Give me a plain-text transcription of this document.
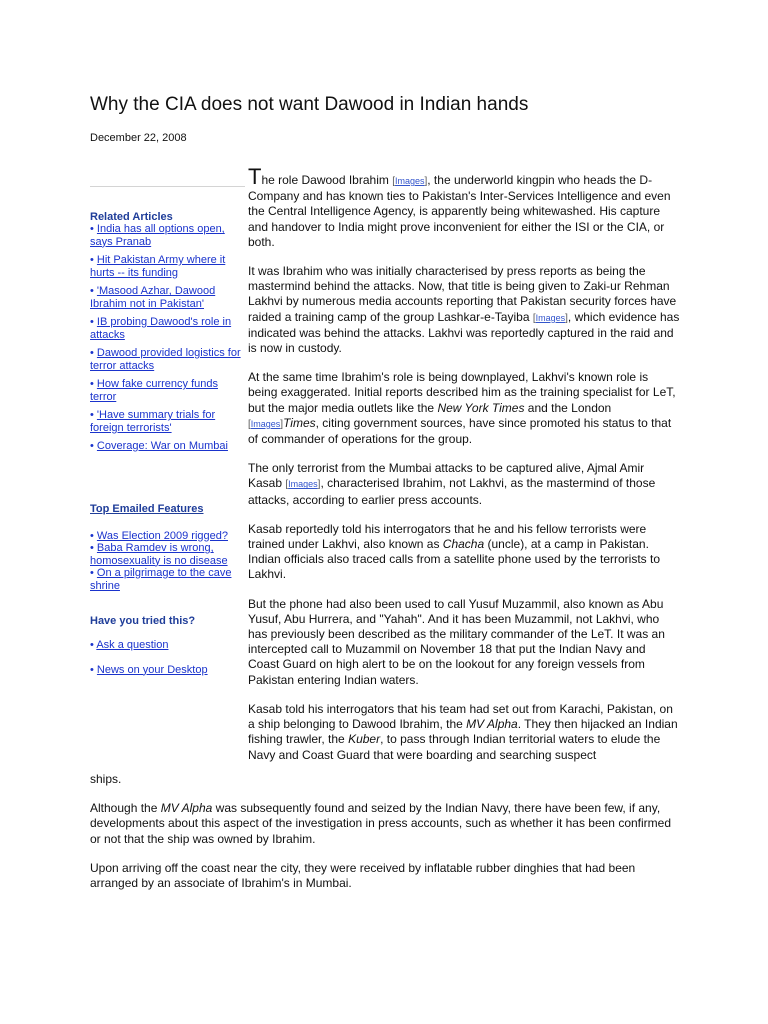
Why the CIA does not want Dawood in Indian hands
December 22, 2008
Related Articles
• India has all options open, says Pranab
• Hit Pakistan Army where it hurts -- its funding
• 'Masood Azhar, Dawood Ibrahim not in Pakistan'
• IB probing Dawood's role in attacks
• Dawood provided logistics for terror attacks
• How fake currency funds terror
• 'Have summary trials for foreign terrorists'
• Coverage: War on Mumbai
Top Emailed Features
• Was Election 2009 rigged?
• Baba Ramdev is wrong, homosexuality is no disease
• On a pilgrimage to the cave shrine
Have you tried this?
• Ask a question
• News on your Desktop

The role Dawood Ibrahim [Images], the underworld kingpin who heads the D-Company and has known ties to Pakistan's Inter-Services Intelligence and even the Central Intelligence Agency, is apparently being whitewashed. His capture and handover to India might prove inconvenient for either the ISI or the CIA, or both.

It was Ibrahim who was initially characterised by press reports as being the mastermind behind the attacks. Now, that title is being given to Zaki-ur Rehman Lakhvi by numerous media accounts reporting that Pakistan security forces have raided a training camp of the group Lashkar-e-Tayiba [Images], which evidence has indicated was behind the attacks. Lakhvi was reportedly captured in the raid and is now in custody.

At the same time Ibrahim's role is being downplayed, Lakhvi's known role is being exaggerated. Initial reports described him as the training specialist for LeT, but the major media outlets like the New York Times and the London [Images]Times, citing government sources, have since promoted his status to that of commander of operations for the group.

The only terrorist from the Mumbai attacks to be captured alive, Ajmal Amir Kasab [Images], characterised Ibrahim, not Lakhvi, as the mastermind of those attacks, according to earlier press accounts.

Kasab reportedly told his interrogators that he and his fellow terrorists were trained under Lakhvi, also known as Chacha (uncle), at a camp in Pakistan. Indian officials also traced calls from a satellite phone used by the terrorists to Lakhvi.

But the phone had also been used to call Yusuf Muzammil, also known as Abu Yusuf, Abu Hurrera, and "Yahah". And it has been Muzammil, not Lakhvi, who has previously been described as the military commander of the LeT. It was an intercepted call to Muzammil on November 18 that put the Indian Navy and Coast Guard on high alert to be on the lookout for any foreign vessels from Pakistan entering Indian waters.

Kasab told his interrogators that his team had set out from Karachi, Pakistan, on a ship belonging to Dawood Ibrahim, the MV Alpha. They then hijacked an Indian fishing trawler, the Kuber, to pass through Indian territorial waters to elude the Navy and Coast Guard that were boarding and searching suspect

ships.

Although the MV Alpha was subsequently found and seized by the Indian Navy, there have been few, if any, developments about this aspect of the investigation in press accounts, such as whether it has been confirmed or not that the ship was owned by Ibrahim.

Upon arriving off the coast near the city, they were received by inflatable rubber dinghies that had been arranged by an associate of Ibrahim's in Mumbai.
